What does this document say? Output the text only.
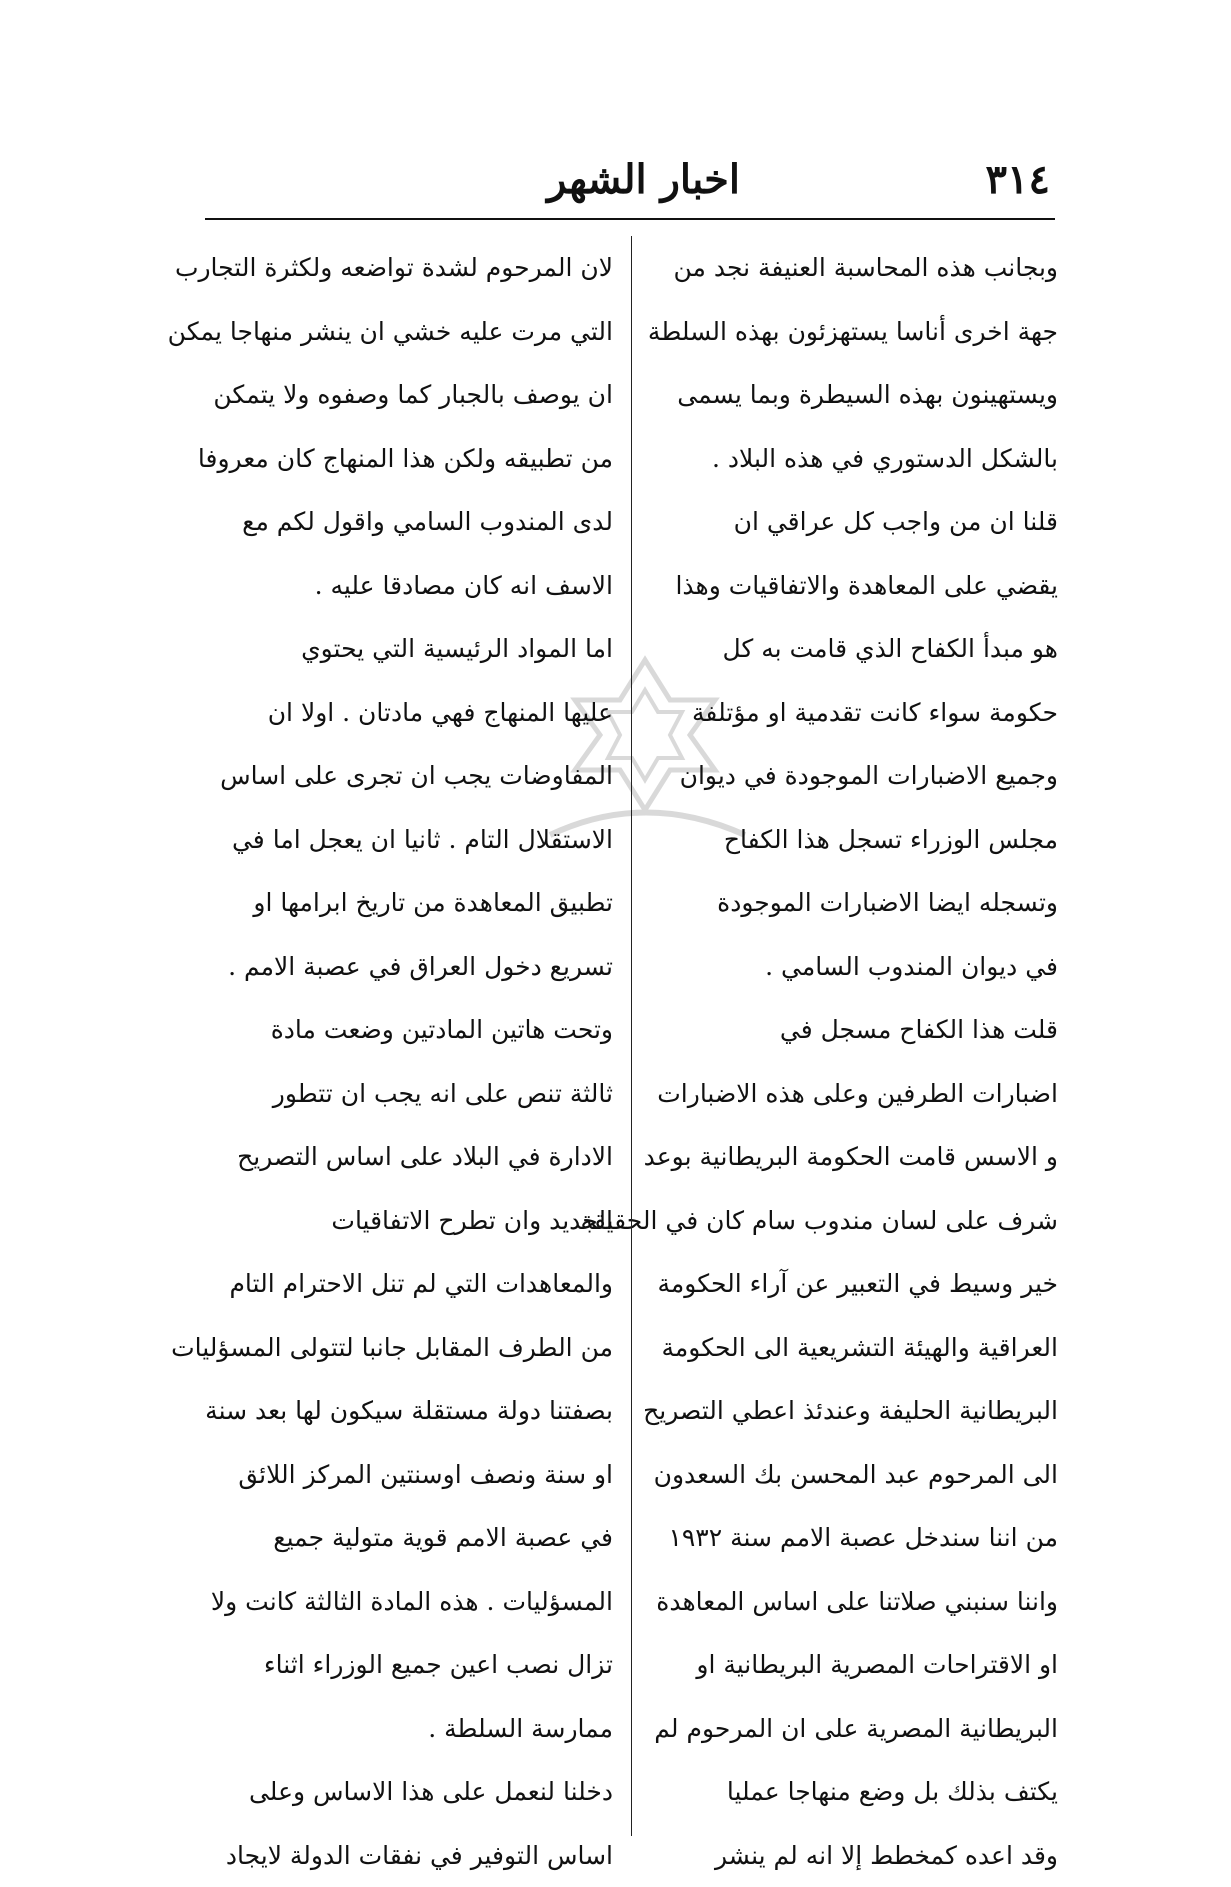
٣١٤
اخبار الشهر
وبجانب هذه المحاسبة العنيفة نجد من
جهة اخرى أناسا يستهزئون بهذه السلطة
ويستهينون بهذه السيطرة وبما يسمى
بالشكل الدستوري في هذه البلاد .
قلنا ان من واجب كل عراقي ان
يقضي على المعاهدة والاتفاقيات وهذا
هو مبدأ الكفاح الذي قامت به كل
حكومة سواء كانت تقدمية او مؤتلفة
وجميع الاضبارات الموجودة في ديوان
مجلس الوزراء تسجل هذا الكفاح
وتسجله ايضا الاضبارات الموجودة
في ديوان المندوب السامي .
قلت هذا الكفاح مسجل في
اضبارات الطرفين وعلى هذه الاضبارات
و الاسس قامت الحكومة البريطانية بوعد
شرف على لسان مندوب سام كان في الحقيقة
خير وسيط في التعبير عن آراء الحكومة
العراقية والهيئة التشريعية الى الحكومة
البريطانية الحليفة وعندئذ اعطي التصريح
الى المرحوم عبد المحسن بك السعدون
من اننا سندخل عصبة الامم سنة ١٩٣٢
واننا سنبني صلاتنا على اساس المعاهدة
او الاقتراحات المصرية البريطانية او
البريطانية المصرية على ان المرحوم لم
يكتف بذلك بل وضع منهاجا عمليا
وقد اعده كمخطط إلا انه لم ينشر
لان المرحوم لشدة تواضعه ولكثرة التجارب
التي مرت عليه خشي ان ينشر منهاجا يمكن
ان يوصف بالجبار كما وصفوه ولا يتمكن
من تطبيقه ولكن هذا المنهاج كان معروفا
لدى المندوب السامي واقول لكم مع
الاسف انه كان مصادقا عليه .
اما المواد الرئيسية التي يحتوي
عليها المنهاج فهي مادتان . اولا ان
المفاوضات يجب ان تجرى على اساس
الاستقلال التام . ثانيا ان يعجل اما في
تطبيق المعاهدة من تاريخ ابرامها او
تسريع دخول العراق في عصبة الامم .
وتحت هاتين المادتين وضعت مادة
ثالثة تنص على انه يجب ان تتطور
الادارة في البلاد على اساس التصريح
الجديد وان تطرح الاتفاقيات
والمعاهدات التي لم تنل الاحترام التام
من الطرف المقابل جانبا لتتولى المسؤليات
بصفتنا دولة مستقلة سيكون لها بعد سنة
او سنة ونصف اوسنتين المركز اللائق
في عصبة الامم قوية متولية جميع
المسؤليات . هذه المادة الثالثة كانت ولا
تزال نصب اعين جميع الوزراء اثناء
ممارسة السلطة .
دخلنا لنعمل على هذا الاساس وعلى
اساس التوفير في نفقات الدولة لايجاد
